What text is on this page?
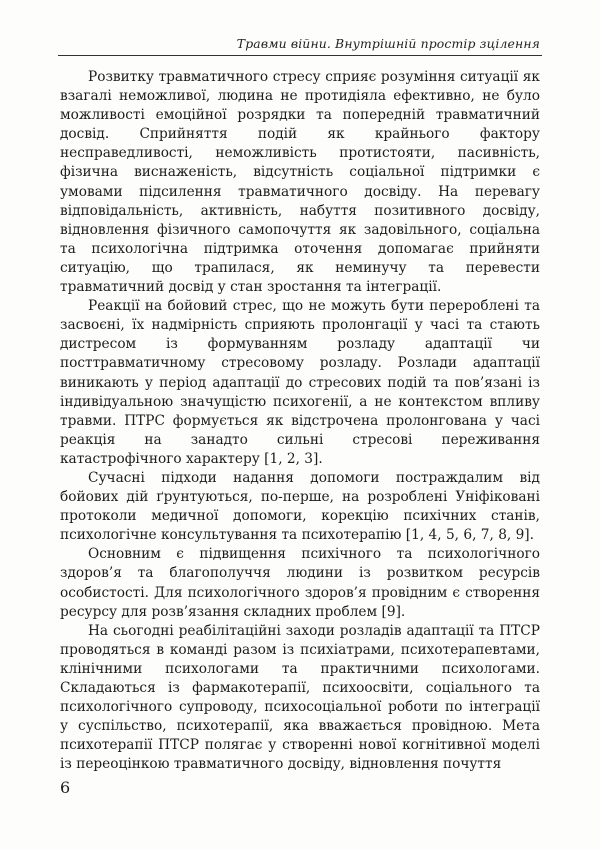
Травми війни. Внутрішній простір зцілення

Розвитку травматичного стресу сприяє розуміння ситуації як взагалі неможливої, людина не протидіяла ефективно, не було можливості емоційної розрядки та попередній травматичний досвід. Сприйняття подій як крайнього фактору несправедливості, неможливість протистояти, пасивність, фізична виснаженість, відсутність соціальної підтримки є умовами підсилення травматичного досвіду. На перевагу відповідальність, активність, набуття позитивного досвіду, відновлення фізичного самопочуття як задовільного, соціальна та психологічна підтримка оточення допомагає прийняти ситуацію, що трапилася, як неминучу та перевести травматичний досвід у стан зростання та інтеграції.

Реакції на бойовий стрес, що не можуть бути перероблені та засвоєні, їх надмірність сприяють пролонгації у часі та стають дистресом із формуванням розладу адаптації чи посттравматичному стресовому розладу. Розлади адаптації виникають у період адаптації до стресових подій та пов’язані із індивідуальною значущістю психогенії, а не контекстом впливу травми. ПТРС формується як відстрочена пролонгована у часі реакція на занадто сильні стресові переживання катастрофічного характеру [1, 2, 3].

Сучасні підходи надання допомоги постраждалим від бойових дій ґрунтуються, по-перше, на розроблені Уніфіковані протоколи медичної допомоги, корекцію психічних станів, психологічне консультування та психотерапію [1, 4, 5, 6, 7, 8, 9].

Основним є підвищення психічного та психологічного здоров’я та благополуччя людини із розвитком ресурсів особистості. Для психологічного здоров’я провідним є створення ресурсу для розв’язання складних проблем [9].

На сьогодні реабілітаційні заходи розладів адаптації та ПТСР проводяться в команді разом із психіатрами, психотерапевтами, клінічними психологами та практичними психологами. Складаються із фармакотерапії, психоосвіти, соціального та психологічного супроводу, психосоціальної роботи по інтеграції у суспільство, психотерапії, яка вважається провідною. Мета психотерапії ПТСР полягає у створенні нової когнітивної моделі із переоцінкою травматичного досвіду, відновлення почуття

6
